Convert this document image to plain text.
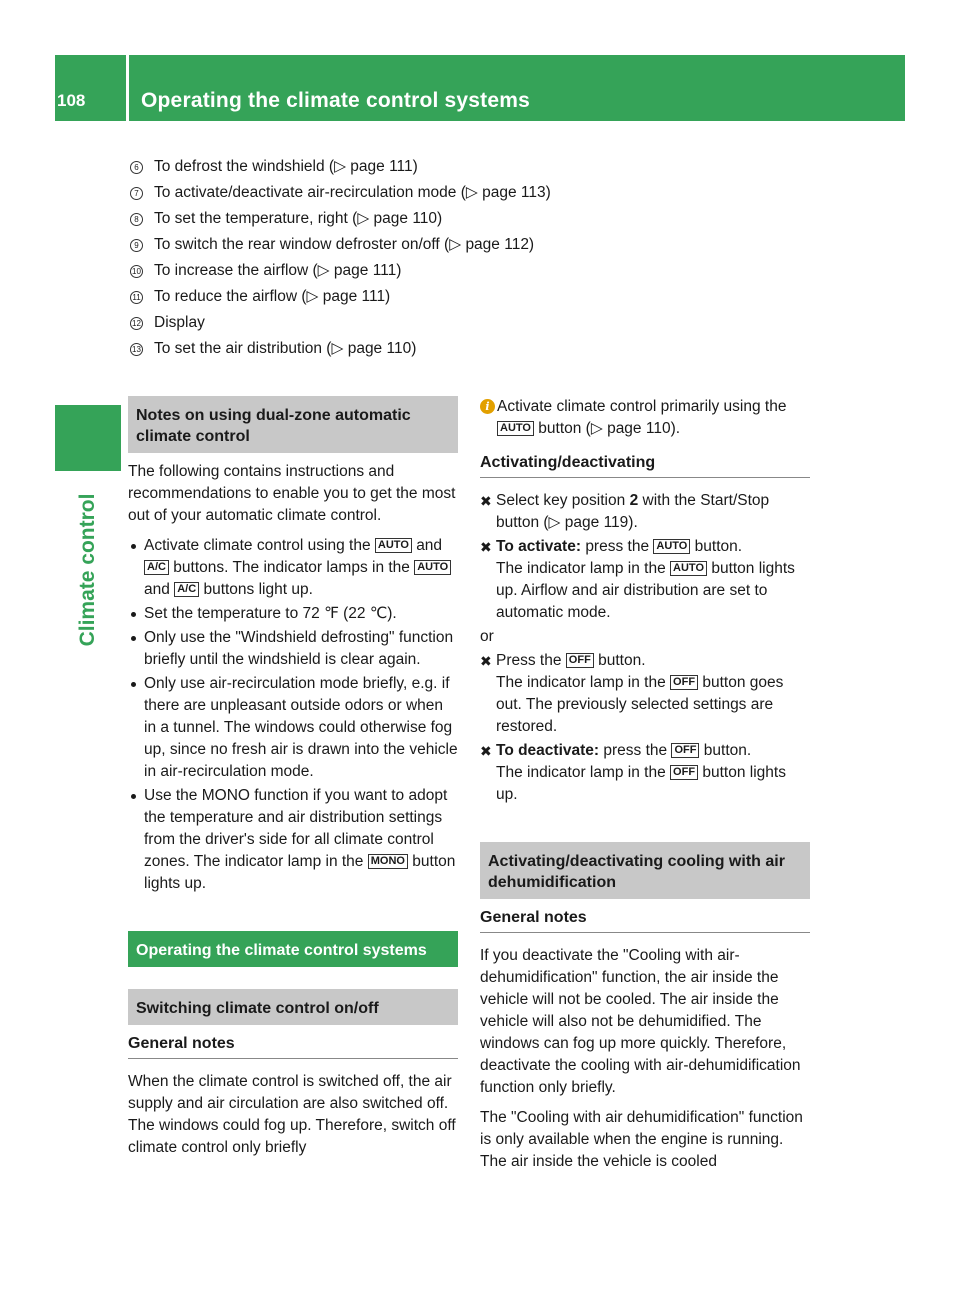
108	Operating the climate control systems
Climate control
6 To defrost the windshield (▷ page 111)
7 To activate/deactivate air-recirculation mode (▷ page 113)
8 To set the temperature, right (▷ page 110)
9 To switch the rear window defroster on/off (▷ page 112)
10 To increase the airflow (▷ page 111)
11 To reduce the airflow (▷ page 111)
12 Display
13 To set the air distribution (▷ page 110)
Notes on using dual-zone automatic climate control

The following contains instructions and recommendations to enable you to get the most out of your automatic climate control.

Activate climate control using the AUTO and A/C buttons. The indicator lamps in the AUTO and A/C buttons light up.
Set the temperature to 72 ℉ (22 ℃).
Only use the "Windshield defrosting" function briefly until the windshield is clear again.
Only use air-recirculation mode briefly, e.g. if there are unpleasant outside odors or when in a tunnel. The windows could otherwise fog up, since no fresh air is drawn into the vehicle in air-recirculation mode.
Use the MONO function if you want to adopt the temperature and air distribution settings from the driver's side for all climate control zones. The indicator lamp in the MONO button lights up.
Operating the climate control systems
Switching climate control on/off
General notes

When the climate control is switched off, the air supply and air circulation are also switched off. The windows could fog up. Therefore, switch off climate control only briefly

i Activate climate control primarily using the AUTO button (▷ page 110).
Activating/deactivating
✖ Select key position 2 with the Start/Stop button (▷ page 119).
✖ To activate: press the AUTO button.
The indicator lamp in the AUTO button lights up. Airflow and air distribution are set to automatic mode.
or
✖ Press the OFF button.
The indicator lamp in the OFF button goes out. The previously selected settings are restored.
✖ To deactivate: press the OFF button.
The indicator lamp in the OFF button lights up.
Activating/deactivating cooling with air dehumidification
General notes

If you deactivate the "Cooling with air-dehumidification" function, the air inside the vehicle will not be cooled. The air inside the vehicle will also not be dehumidified. The windows can fog up more quickly. Therefore, deactivate the cooling with air-dehumidification function only briefly.

The "Cooling with air dehumidification" function is only available when the engine is running. The air inside the vehicle is cooled
